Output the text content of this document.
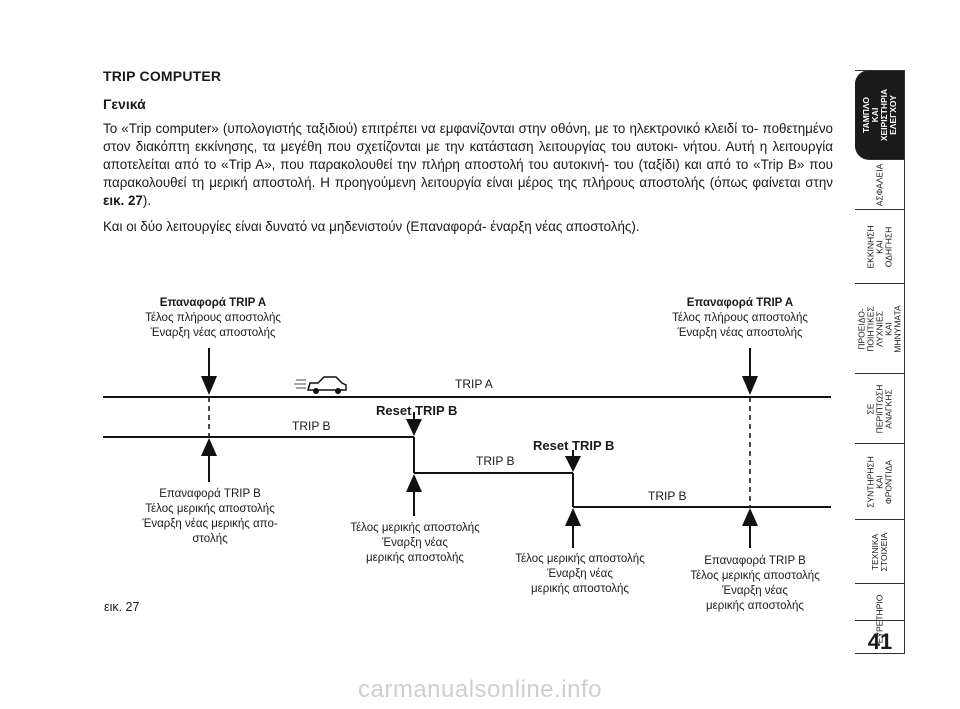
TRIP COMPUTER
Γενικά
Το «Trip computer» (υπολογιστής ταξιδιού) επιτρέπει να εμφανίζονται στην οθόνη, με το ηλεκτρονικό κλειδί το- ποθετημένο στον διακόπτη εκκίνησης, τα μεγέθη που σχετίζονται με την κατάσταση λειτουργίας του αυτοκι- νήτου. Αυτή η λειτουργία αποτελείται από το «Trip A», που παρακολουθεί την πλήρη αποστολή του αυτοκινή- του (ταξίδι) και από το «Trip B» που παρακολουθεί τη μερική αποστολή. Η προηγούμενη λειτουργία είναι μέρος της πλήρους αποστολής (όπως φαίνεται στην εικ. 27).
Και οι δύο λειτουργίες είναι δυνατό να μηδενιστούν (Επαναφορά- έναρξη νέας αποστολής).
Επαναφορά TRIP A
Τέλος πλήρους αποστολής
Έναρξη νέας αποστολής
Επαναφορά TRIP A
Τέλος πλήρους αποστολής
Έναρξη νέας αποστολής
TRIP A
TRIP B
TRIP B
TRIP B
Reset TRIP B
Reset TRIP B
Επαναφορά TRIP B
Τέλος μερικής αποστολής
Έναρξη νέας μερικής απο-
στολής
Τέλος μερικής αποστολής
Έναρξη νέας
μερικής αποστολής	Τέλος μερικής αποστολής
Έναρξη νέας
μερικής αποστολής
Επαναφορά TRIP B
Τέλος μερικής αποστολής
Έναρξη νέας
μερικής αποστολής
εικ. 27
ΤΑΜΠΛΟ ΚΑΙ
ΧΕΙΡΙΣΤΗΡΙΑ
ΕΛΕΓΧΟΥ
ΑΣΦΑΛΕΙΑ
ΕΚΚΙΝΗΣΗ
ΚΑΙ
ΟΔΗΓΗΣΗ
ΠΡΟΕΙΔΟ-
ΠΟΙΗΤΙΚΕΣ
ΛΥΧΝΙΕΣ ΚΑΙ
ΜΗΝΥΜΑΤΑ
ΣΕ
ΠΕΡΙΠΤΩΣΗ
ΑΝΑΓΚΗΣ
ΣΥΝΤΗΡΗΣΗ
ΚΑΙ
ΦΡΟΝΤΙΔΑ
ΤΕΧΝΙΚΑ
ΣΤΟΙΧΕΙΑ
ΕΥΡΕΤΗΡΙΟ
41
carmanualsonline.info
